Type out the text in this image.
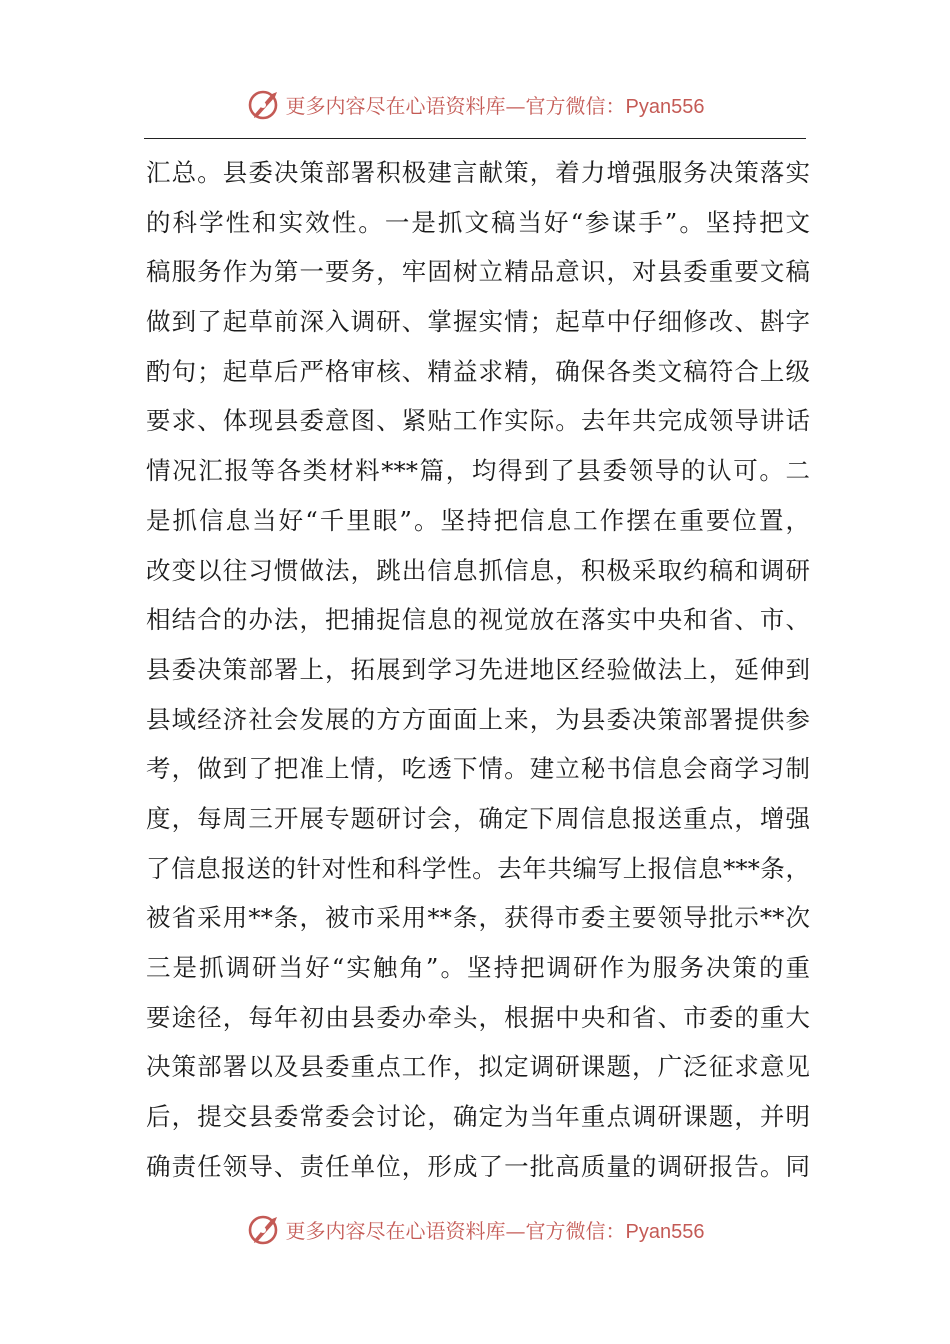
更多内容尽在心语资料库—官方微信：Pyan556
汇总。县委决策部署积极建言献策，着力增强服务决策落实
的科学性和实效性。一是抓文稿当好“参谋手”。坚持把文
稿服务作为第一要务，牢固树立精品意识，对县委重要文稿
做到了起草前深入调研、掌握实情；起草中仔细修改、斟字
酌句；起草后严格审核、精益求精，确保各类文稿符合上级
要求、体现县委意图、紧贴工作实际。去年共完成领导讲话
情况汇报等各类材料***篇，均得到了县委领导的认可。二
是抓信息当好“千里眼”。坚持把信息工作摆在重要位置，
改变以往习惯做法，跳出信息抓信息，积极采取约稿和调研
相结合的办法，把捕捉信息的视觉放在落实中央和省、市、
县委决策部署上，拓展到学习先进地区经验做法上，延伸到
县域经济社会发展的方方面面上来，为县委决策部署提供参
考，做到了把准上情，吃透下情。建立秘书信息会商学习制
度，每周三开展专题研讨会，确定下周信息报送重点，增强
了信息报送的针对性和科学性。去年共编写上报信息***条，
被省采用**条，被市采用**条，获得市委主要领导批示**次
三是抓调研当好“实触角”。坚持把调研作为服务决策的重
要途径，每年初由县委办牵头，根据中央和省、市委的重大
决策部署以及县委重点工作，拟定调研课题，广泛征求意见
后，提交县委常委会讨论，确定为当年重点调研课题，并明
确责任领导、责任单位，形成了一批高质量的调研报告。同
更多内容尽在心语资料库—官方微信：Pyan556
